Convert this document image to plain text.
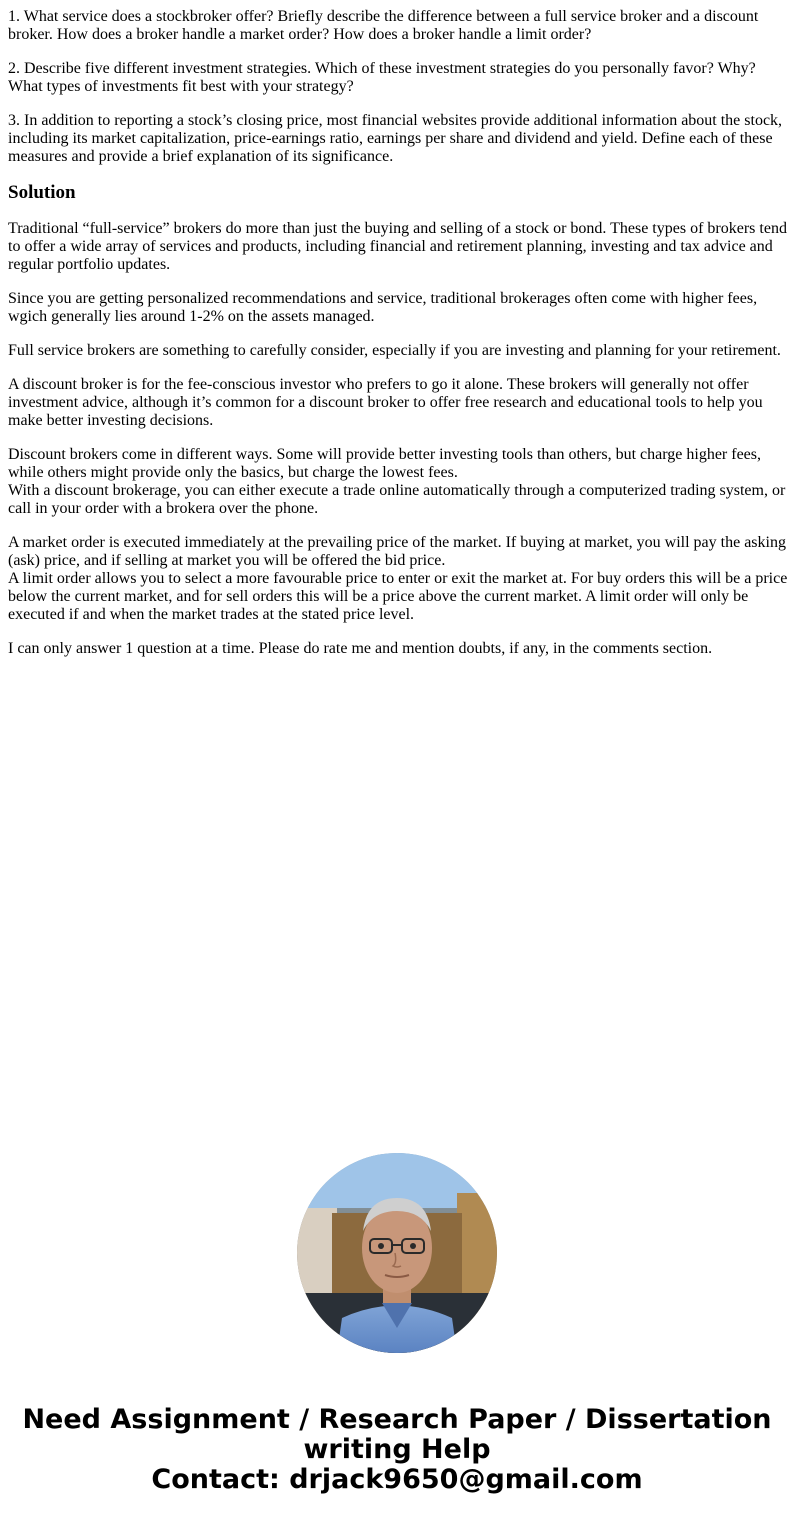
1. What service does a stockbroker offer? Briefly describe the difference between a full service broker and a discount broker. How does a broker handle a market order? How does a broker handle a limit order?

2. Describe five different investment strategies. Which of these investment strategies do you personally favor? Why? What types of investments fit best with your strategy?

3. In addition to reporting a stock’s closing price, most financial websites provide additional information about the stock, including its market capitalization, price-earnings ratio, earnings per share and dividend and yield. Define each of these measures and provide a brief explanation of its significance.

Solution

Traditional “full-service” brokers do more than just the buying and selling of a stock or bond. These types of brokers tend to offer a wide array of services and products, including financial and retirement planning, investing and tax advice and regular portfolio updates.

Since you are getting personalized recommendations and service, traditional brokerages often come with higher fees, wgich generally lies around 1-2% on the assets managed.

Full service brokers are something to carefully consider, especially if you are investing and planning for your retirement.

A discount broker is for the fee-conscious investor who prefers to go it alone. These brokers will generally not offer investment advice, although it’s common for a discount broker to offer free research and educational tools to help you make better investing decisions.

Discount brokers come in different ways. Some will provide better investing tools than others, but charge higher fees, while others might provide only the basics, but charge the lowest fees.
With a discount brokerage, you can either execute a trade online automatically through a computerized trading system, or call in your order with a brokera over the phone.

A market order is executed immediately at the prevailing price of the market. If buying at market, you will pay the asking (ask) price, and if selling at market you will be offered the bid price.
A limit order allows you to select a more favourable price to enter or exit the market at. For buy orders this will be a price below the current market, and for sell orders this will be a price above the current market. A limit order will only be executed if and when the market trades at the stated price level.

I can only answer 1 question at a time. Please do rate me and mention doubts, if any, in the comments section.

Need Assignment / Research Paper / Dissertation
writing Help
Contact: drjack9650@gmail.com
